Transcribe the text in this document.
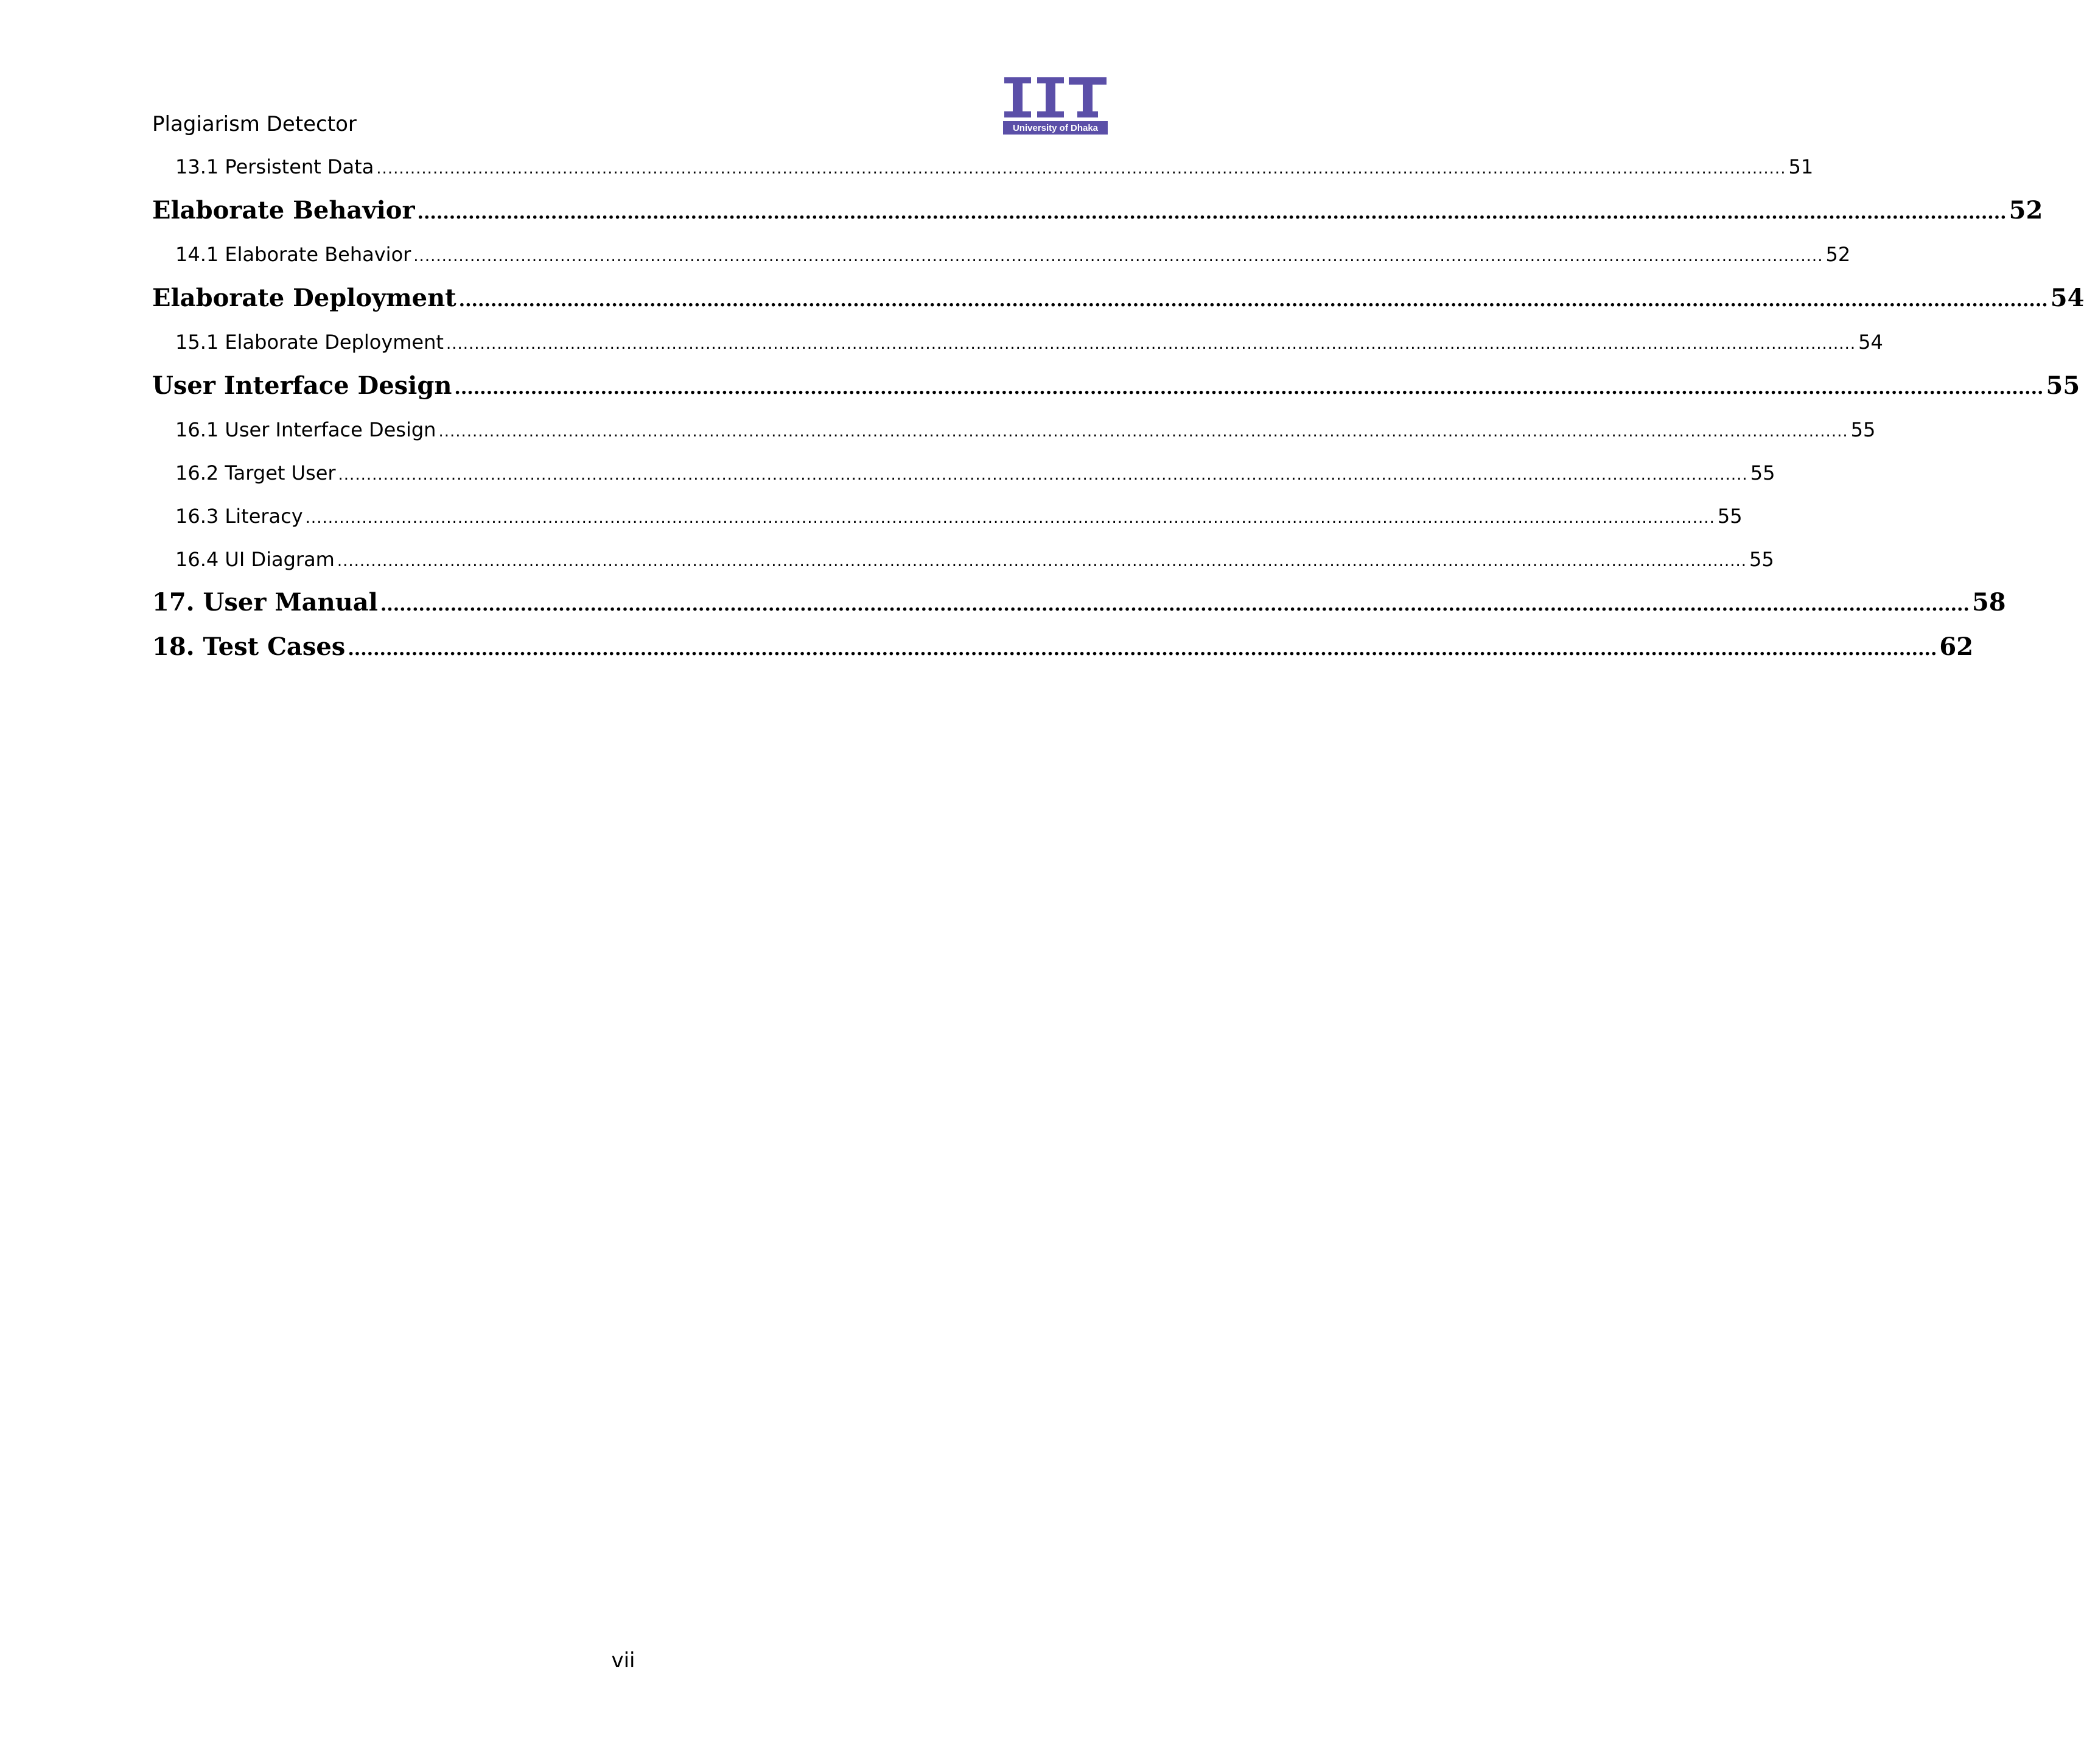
Plagiarism Detector	University of Dhaka
13.1 Persistent Data .......................................................................................................................................................................................................................................................... 51
Elaborate Behavior .......................................................................................................................................................................................................................................................... 52
14.1 Elaborate Behavior .......................................................................................................................................................................................................................................................... 52
Elaborate Deployment .......................................................................................................................................................................................................................................................... 54
15.1 Elaborate Deployment .......................................................................................................................................................................................................................................................... 54
User Interface Design .......................................................................................................................................................................................................................................................... 55
16.1 User Interface Design .......................................................................................................................................................................................................................................................... 55
16.2 Target User .......................................................................................................................................................................................................................................................... 55
16.3 Literacy .......................................................................................................................................................................................................................................................... 55
16.4 UI Diagram .......................................................................................................................................................................................................................................................... 55
17. User Manual .......................................................................................................................................................................................................................................................... 58
18. Test Cases .......................................................................................................................................................................................................................................................... 62
vii
